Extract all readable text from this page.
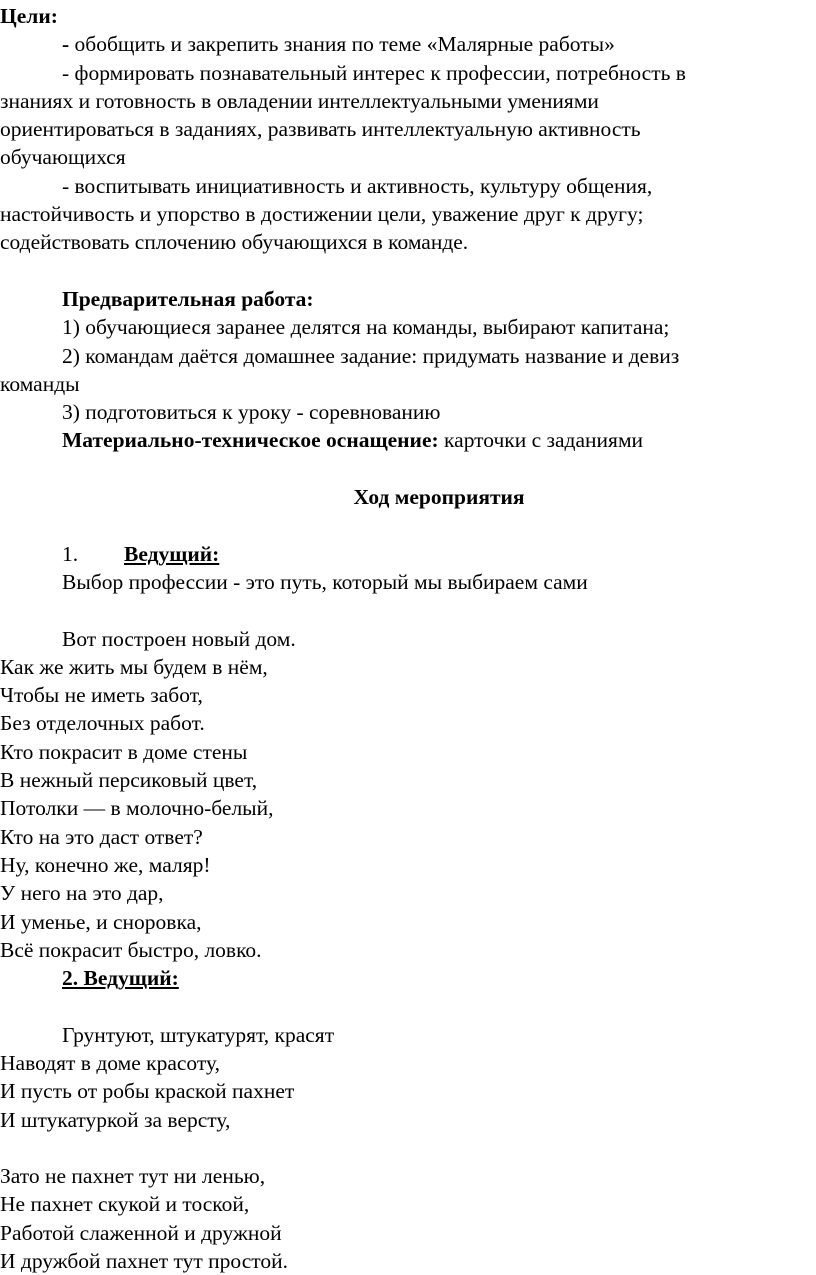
Цели:

- обобщить и закрепить знания по теме «Малярные работы»

- формировать познавательный интерес к профессии, потребность в

знаниях и готовность в овладении интеллектуальными умениями

ориентироваться в заданиях, развивать интеллектуальную активность

обучающихся

- воспитывать инициативность и активность, культуру общения,

настойчивость и упорство в достижении цели, уважение друг к другу;

содействовать сплочению обучающихся в команде.

Предварительная работа:

1) обучающиеся заранее делятся на команды, выбирают капитана;

2) командам даётся домашнее задание: придумать название и девиз

команды

3) подготовиться к уроку - соревнованию

Материально-техническое оснащение: карточки с заданиями

Ход мероприятия

1. Ведущий:

Выбор профессии - это путь, который мы выбираем сами

Вот построен новый дом.

Как же жить мы будем в нём,

Чтобы не иметь забот,

Без отделочных работ.

Кто покрасит в доме стены

В нежный персиковый цвет,

Потолки — в молочно-белый,

Кто на это даст ответ?

Ну, конечно же, маляр!

У него на это дар,

И уменье, и сноровка,

Всё покрасит быстро, ловко.

2. Ведущий:

Грунтуют, штукатурят, красят

Наводят в доме красоту,

И пусть от робы краской пахнет

И штукатуркой за версту,

Зато не пахнет тут ни ленью,

Не пахнет скукой и тоской,

Работой слаженной и дружной

И дружбой пахнет тут простой.
